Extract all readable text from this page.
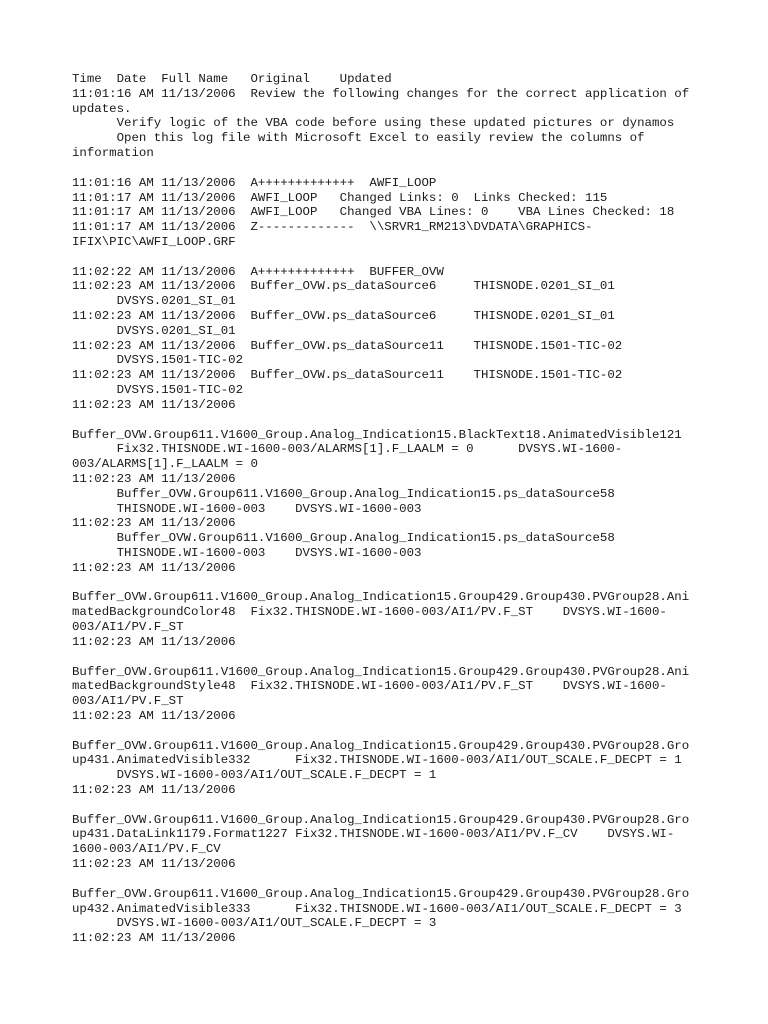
Time  Date  Full Name   Original    Updated
11:01:16 AM 11/13/2006  Review the following changes for the correct application of
updates.
Verify logic of the VBA code before using these updated pictures or dynamos
Open this log file with Microsoft Excel to easily review the columns of
information
11:01:16 AM 11/13/2006  A+++++++++++++  AWFI_LOOP
11:01:17 AM 11/13/2006  AWFI_LOOP   Changed Links: 0  Links Checked: 115
11:01:17 AM 11/13/2006  AWFI_LOOP   Changed VBA Lines: 0    VBA Lines Checked: 18
11:01:17 AM 11/13/2006  Z-------------  \\SRVR1_RM213\DVDATA\GRAPHICS-
IFIX\PIC\AWFI_LOOP.GRF
11:02:22 AM 11/13/2006  A+++++++++++++  BUFFER_OVW
11:02:23 AM 11/13/2006  Buffer_OVW.ps_dataSource6     THISNODE.0201_SI_01
DVSYS.0201_SI_01
11:02:23 AM 11/13/2006  Buffer_OVW.ps_dataSource6     THISNODE.0201_SI_01
DVSYS.0201_SI_01
11:02:23 AM 11/13/2006  Buffer_OVW.ps_dataSource11    THISNODE.1501-TIC-02
DVSYS.1501-TIC-02
11:02:23 AM 11/13/2006  Buffer_OVW.ps_dataSource11    THISNODE.1501-TIC-02
DVSYS.1501-TIC-02
11:02:23 AM 11/13/2006
Buffer_OVW.Group611.V1600_Group.Analog_Indication15.BlackText18.AnimatedVisible121
Fix32.THISNODE.WI-1600-003/ALARMS[1].F_LAALM = 0      DVSYS.WI-1600-
003/ALARMS[1].F_LAALM = 0
11:02:23 AM 11/13/2006
Buffer_OVW.Group611.V1600_Group.Analog_Indication15.ps_dataSource58
THISNODE.WI-1600-003    DVSYS.WI-1600-003
11:02:23 AM 11/13/2006
Buffer_OVW.Group611.V1600_Group.Analog_Indication15.ps_dataSource58
THISNODE.WI-1600-003    DVSYS.WI-1600-003
11:02:23 AM 11/13/2006
Buffer_OVW.Group611.V1600_Group.Analog_Indication15.Group429.Group430.PVGroup28.Ani
matedBackgroundColor48  Fix32.THISNODE.WI-1600-003/AI1/PV.F_ST    DVSYS.WI-1600-
003/AI1/PV.F_ST
11:02:23 AM 11/13/2006
Buffer_OVW.Group611.V1600_Group.Analog_Indication15.Group429.Group430.PVGroup28.Ani
matedBackgroundStyle48  Fix32.THISNODE.WI-1600-003/AI1/PV.F_ST    DVSYS.WI-1600-
003/AI1/PV.F_ST
11:02:23 AM 11/13/2006
Buffer_OVW.Group611.V1600_Group.Analog_Indication15.Group429.Group430.PVGroup28.Gro
up431.AnimatedVisible332      Fix32.THISNODE.WI-1600-003/AI1/OUT_SCALE.F_DECPT = 1
DVSYS.WI-1600-003/AI1/OUT_SCALE.F_DECPT = 1
11:02:23 AM 11/13/2006
Buffer_OVW.Group611.V1600_Group.Analog_Indication15.Group429.Group430.PVGroup28.Gro
up431.DataLink1179.Format1227 Fix32.THISNODE.WI-1600-003/AI1/PV.F_CV    DVSYS.WI-
1600-003/AI1/PV.F_CV
11:02:23 AM 11/13/2006
Buffer_OVW.Group611.V1600_Group.Analog_Indication15.Group429.Group430.PVGroup28.Gro
up432.AnimatedVisible333      Fix32.THISNODE.WI-1600-003/AI1/OUT_SCALE.F_DECPT = 3
DVSYS.WI-1600-003/AI1/OUT_SCALE.F_DECPT = 3
11:02:23 AM 11/13/2006
